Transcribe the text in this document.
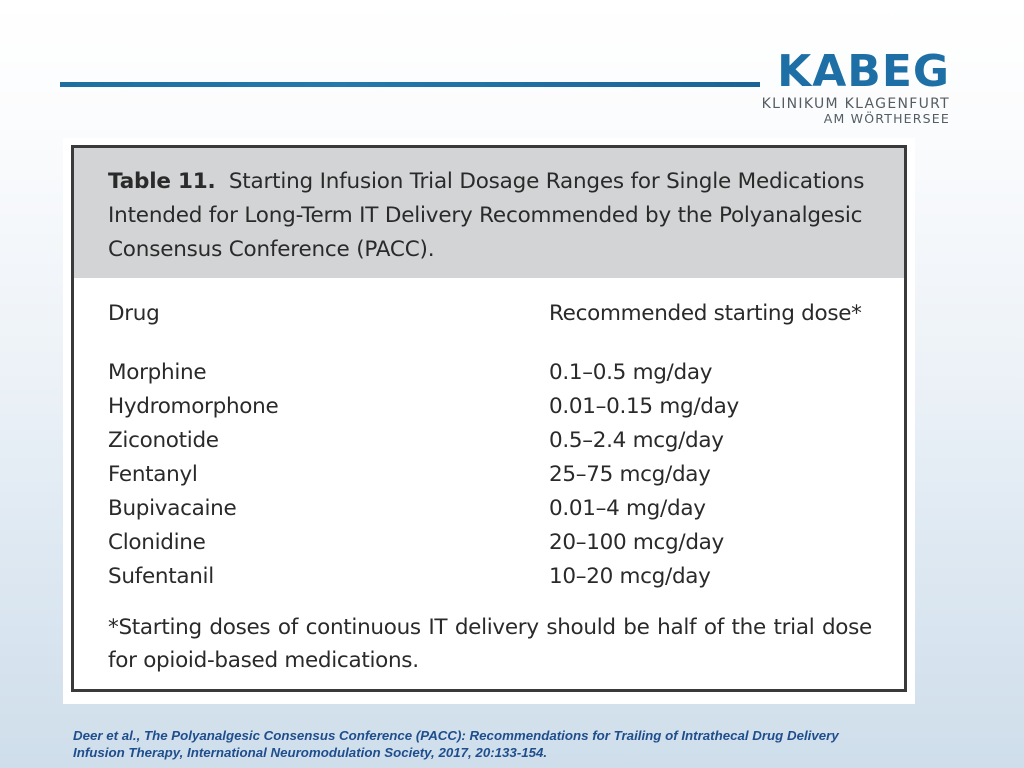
KABEG
KLINIKUM KLAGENFURT
AM WÖRTHERSEE
Table 11. Starting Infusion Trial Dosage Ranges for Single Medications Intended for Long-Term IT Delivery Recommended by the Polyanalgesic Consensus Conference (PACC).
Drug	Recommended starting dose*
Morphine	0.1–0.5 mg/day
Hydromorphone	0.01–0.15 mg/day
Ziconotide	0.5–2.4 mcg/day
Fentanyl	25–75 mcg/day
Bupivacaine	0.01–4 mg/day
Clonidine	20–100 mcg/day
Sufentanil	10–20 mcg/day
*Starting doses of continuous IT delivery should be half of the trial dose for opioid-based medications.
Deer et al., The Polyanalgesic Consensus Conference (PACC): Recommendations for Trailing of Intrathecal Drug Delivery
Infusion Therapy, International Neuromodulation Society, 2017, 20:133-154.
